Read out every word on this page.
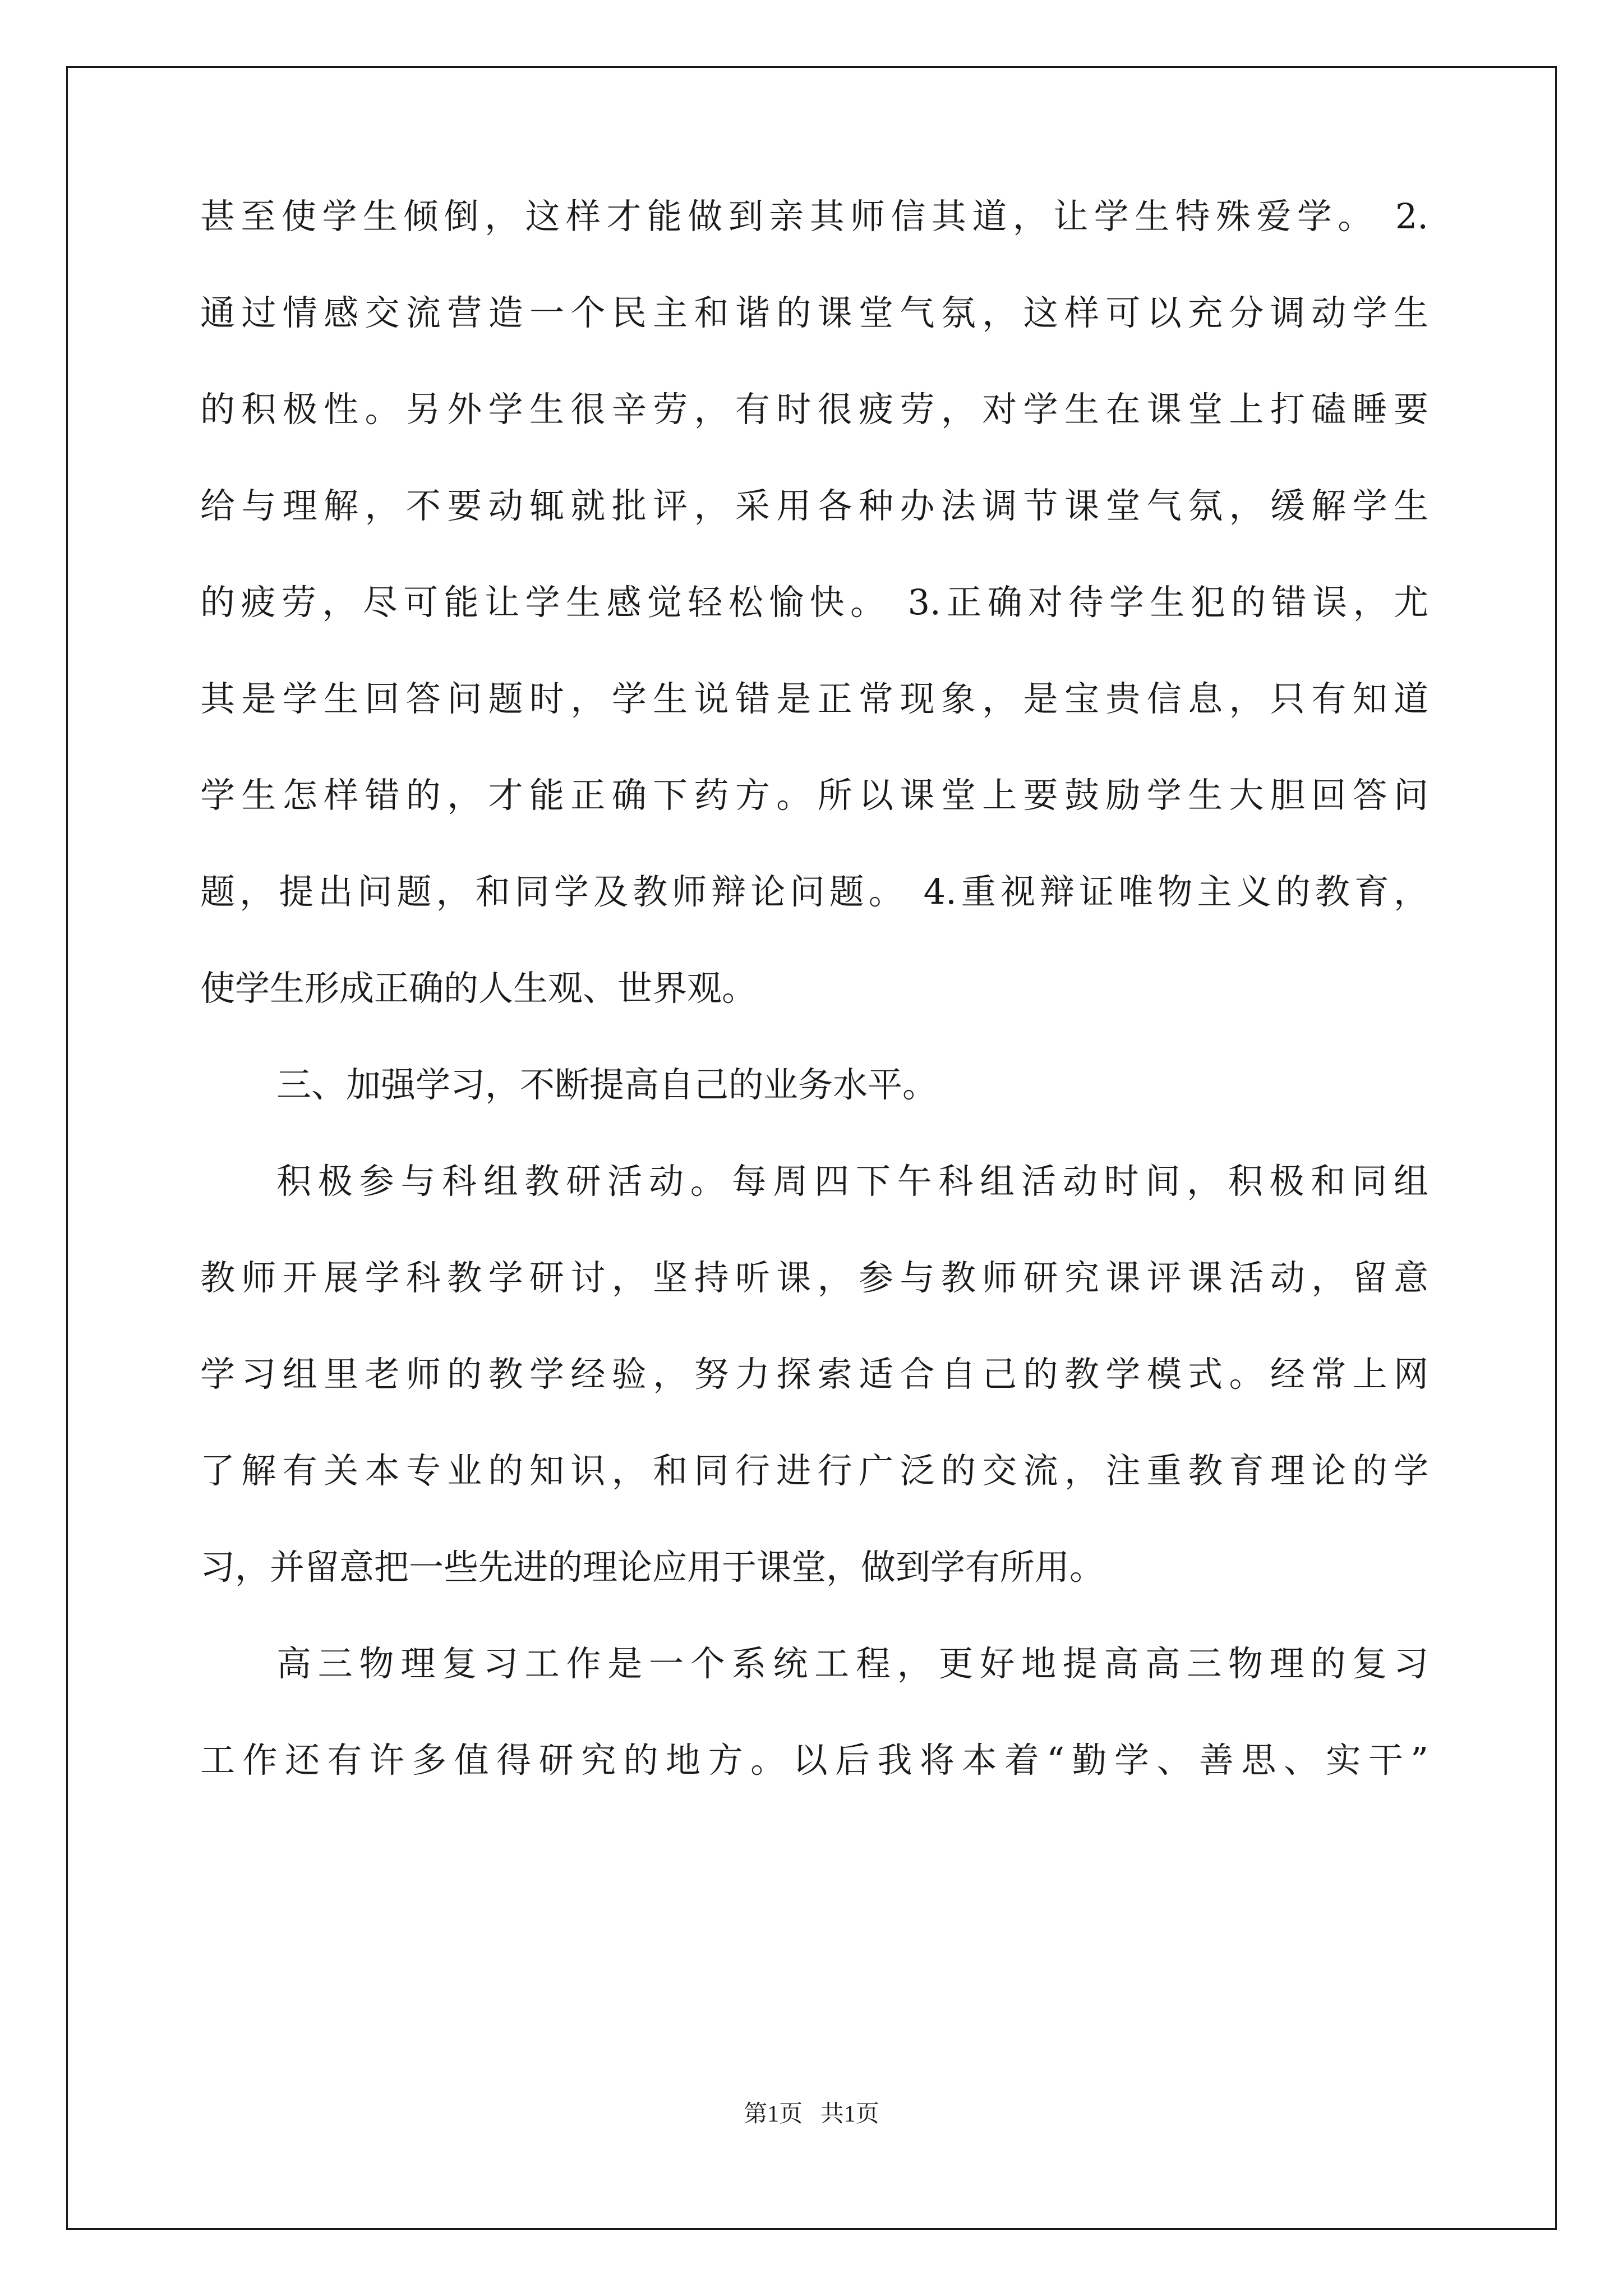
甚至使学生倾倒，这样才能做到亲其师信其道，让学生特殊爱学。 2.
通过情感交流营造一个民主和谐的课堂气氛，这样可以充分调动学生
的积极性。另外学生很辛劳，有时很疲劳，对学生在课堂上打磕睡要
给与理解，不要动辄就批评，采用各种办法调节课堂气氛，缓解学生
的疲劳，尽可能让学生感觉轻松愉快。 3.正确对待学生犯的错误，尤
其是学生回答问题时，学生说错是正常现象，是宝贵信息，只有知道
学生怎样错的，才能正确下药方。所以课堂上要鼓励学生大胆回答问
题，提出问题，和同学及教师辩论问题。 4.重视辩证唯物主义的教育，
使学生形成正确的人生观、世界观。
三、加强学习，不断提高自己的业务水平。
积极参与科组教研活动。每周四下午科组活动时间，积极和同组
教师开展学科教学研讨，坚持听课，参与教师研究课评课活动，留意
学习组里老师的教学经验，努力探索适合自己的教学模式。经常上网
了解有关本专业的知识，和同行进行广泛的交流，注重教育理论的学
习，并留意把一些先进的理论应用于课堂，做到学有所用。
高三物理复习工作是一个系统工程，更好地提高高三物理的复习
工作还有许多值得研究的地方。以后我将本着“勤学、善思、实干”
第1页 共1页
